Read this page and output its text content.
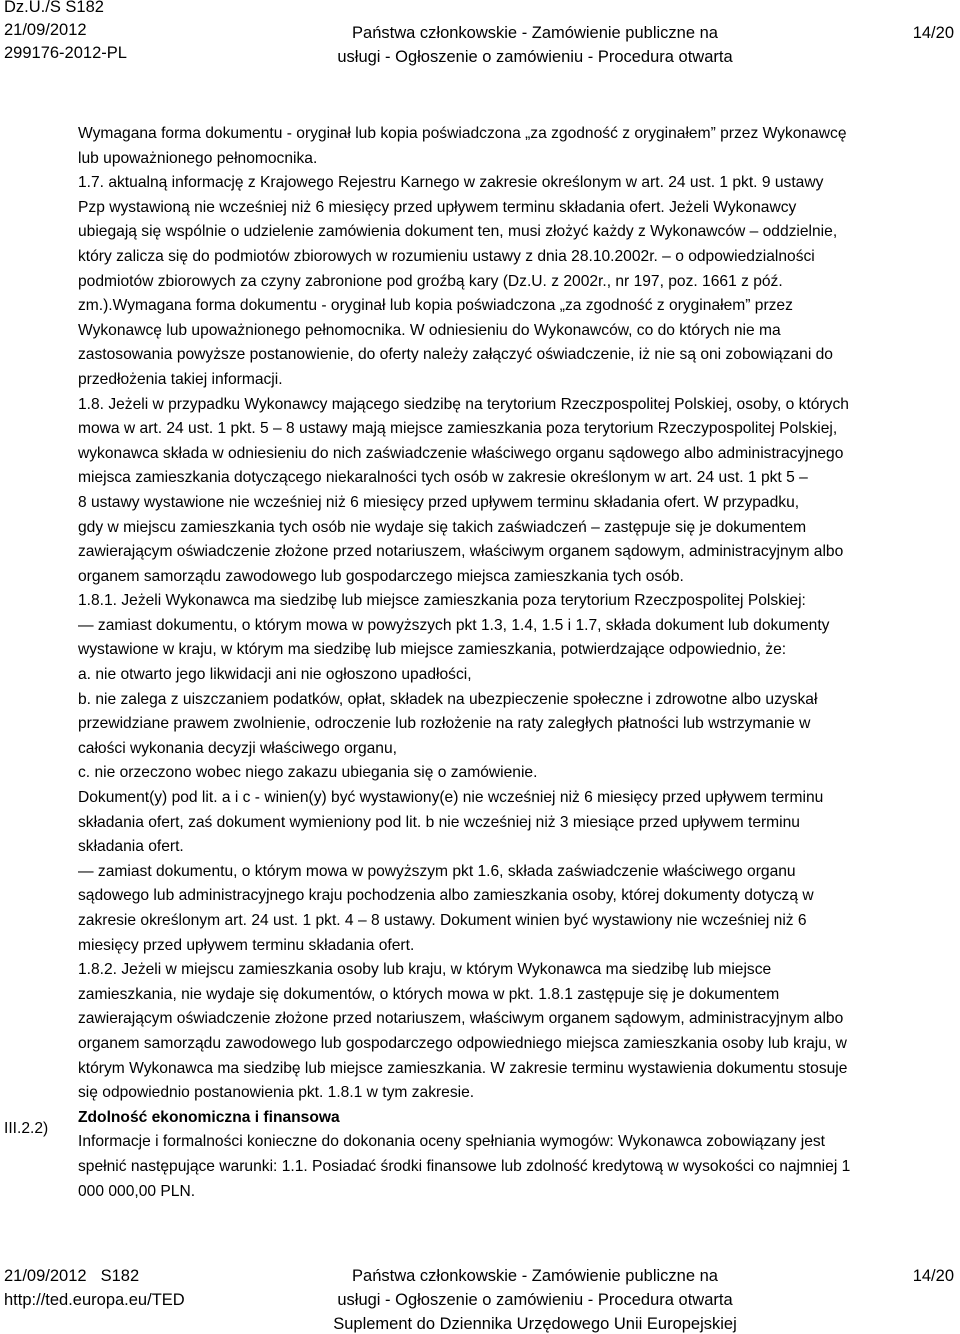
Dz.U./S S182
21/09/2012
299176-2012-PL
Państwa członkowskie - Zamówienie publiczne na
usługi - Ogłoszenie o zamówieniu - Procedura otwarta
14/20
Wymagana forma dokumentu - oryginał lub kopia poświadczona „za zgodność z oryginałem” przez Wykonawcę
lub upoważnionego pełnomocnika.
1.7. aktualną informację z Krajowego Rejestru Karnego w zakresie określonym w art. 24 ust. 1 pkt. 9 ustawy
Pzp wystawioną nie wcześniej niż 6 miesięcy przed upływem terminu składania ofert. Jeżeli Wykonawcy
ubiegają się wspólnie o udzielenie zamówienia dokument ten, musi złożyć każdy z Wykonawców – oddzielnie,
który zalicza się do podmiotów zbiorowych w rozumieniu ustawy z dnia 28.10.2002r. – o odpowiedzialności
podmiotów zbiorowych za czyny zabronione pod groźbą kary (Dz.U. z 2002r., nr 197, poz. 1661 z póź.
zm.).Wymagana forma dokumentu - oryginał lub kopia poświadczona „za zgodność z oryginałem” przez
Wykonawcę lub upoważnionego pełnomocnika. W odniesieniu do Wykonawców, co do których nie ma
zastosowania powyższe postanowienie, do oferty należy załączyć oświadczenie, iż nie są oni zobowiązani do
przedłożenia takiej informacji.
1.8. Jeżeli w przypadku Wykonawcy mającego siedzibę na terytorium Rzeczpospolitej Polskiej, osoby, o których
mowa w art. 24 ust. 1 pkt. 5 – 8 ustawy mają miejsce zamieszkania poza terytorium Rzeczypospolitej Polskiej,
wykonawca składa w odniesieniu do nich zaświadczenie właściwego organu sądowego albo administracyjnego
miejsca zamieszkania dotyczącego niekaralności tych osób w zakresie określonym w art. 24 ust. 1 pkt 5 –
8 ustawy wystawione nie wcześniej niż 6 miesięcy przed upływem terminu składania ofert. W przypadku,
gdy w miejscu zamieszkania tych osób nie wydaje się takich zaświadczeń – zastępuje się je dokumentem
zawierającym oświadczenie złożone przed notariuszem, właściwym organem sądowym, administracyjnym albo
organem samorządu zawodowego lub gospodarczego miejsca zamieszkania tych osób.
1.8.1. Jeżeli Wykonawca ma siedzibę lub miejsce zamieszkania poza terytorium Rzeczpospolitej Polskiej:
— zamiast dokumentu, o którym mowa w powyższych pkt 1.3, 1.4, 1.5 i 1.7, składa dokument lub dokumenty
wystawione w kraju, w którym ma siedzibę lub miejsce zamieszkania, potwierdzające odpowiednio, że:
a. nie otwarto jego likwidacji ani nie ogłoszono upadłości,
b. nie zalega z uiszczaniem podatków, opłat, składek na ubezpieczenie społeczne i zdrowotne albo uzyskał
przewidziane prawem zwolnienie, odroczenie lub rozłożenie na raty zaległych płatności lub wstrzymanie w
całości wykonania decyzji właściwego organu,
c. nie orzeczono wobec niego zakazu ubiegania się o zamówienie.
Dokument(y) pod lit. a i c - winien(y) być wystawiony(e) nie wcześniej niż 6 miesięcy przed upływem terminu
składania ofert, zaś dokument wymieniony pod lit. b nie wcześniej niż 3 miesiące przed upływem terminu
składania ofert.
— zamiast dokumentu, o którym mowa w powyższym pkt 1.6, składa zaświadczenie właściwego organu
sądowego lub administracyjnego kraju pochodzenia albo zamieszkania osoby, której dokumenty dotyczą w
zakresie określonym art. 24 ust. 1 pkt. 4 – 8 ustawy. Dokument winien być wystawiony nie wcześniej niż 6
miesięcy przed upływem terminu składania ofert.
1.8.2. Jeżeli w miejscu zamieszkania osoby lub kraju, w którym Wykonawca ma siedzibę lub miejsce
zamieszkania, nie wydaje się dokumentów, o których mowa w pkt. 1.8.1 zastępuje się je dokumentem
zawierającym oświadczenie złożone przed notariuszem, właściwym organem sądowym, administracyjnym albo
organem samorządu zawodowego lub gospodarczego odpowiedniego miejsca zamieszkania osoby lub kraju, w
którym Wykonawca ma siedzibę lub miejsce zamieszkania. W zakresie terminu wystawienia dokumentu stosuje
się odpowiednio postanowienia pkt. 1.8.1 w tym zakresie.
Zdolność ekonomiczna i finansowa
Informacje i formalności konieczne do dokonania oceny spełniania wymogów: Wykonawca zobowiązany jest
spełnić następujące warunki: 1.1. Posiadać środki finansowe lub zdolność kredytową w wysokości co najmniej 1
000 000,00 PLN.
III.2.2)
21/09/2012 S182
http://ted.europa.eu/TED
Państwa członkowskie - Zamówienie publiczne na
usługi - Ogłoszenie o zamówieniu - Procedura otwarta
Suplement do Dziennika Urzędowego Unii Europejskiej
14/20
